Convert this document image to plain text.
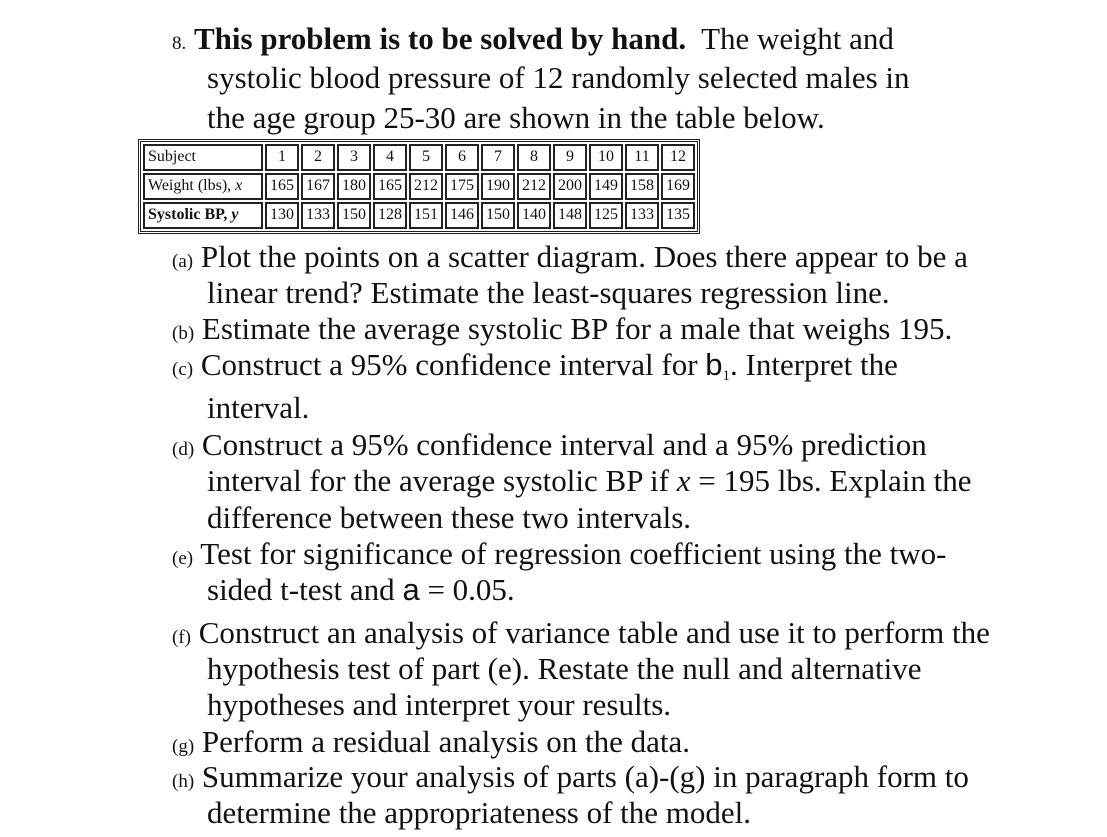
8. This problem is to be solved by hand. The weight and
systolic blood pressure of 12 randomly selected males in
the age group 25-30 are shown in the table below.
Subject	1	2	3	4	5	6	7	8	9	10	11	12
Weight (lbs), x	165	167	180	165	212	175	190	212	200	149	158	169
Systolic BP, y	130	133	150	128	151	146	150	140	148	125	133	135
(a) Plot the points on a scatter diagram. Does there appear to be a
linear trend? Estimate the least-squares regression line.
(b) Estimate the average systolic BP for a male that weighs 195.
(c) Construct a 95% confidence interval for $b_1$. Interpret the
interval.
(d) Construct a 95% confidence interval and a 95% prediction
interval for the average systolic BP if x = 195 lbs. Explain the
difference between these two intervals.
(e) Test for significance of regression coefficient using the two-
sided t-test and a = 0.05.
(f) Construct an analysis of variance table and use it to perform the
hypothesis test of part (e). Restate the null and alternative
hypotheses and interpret your results.
(g) Perform a residual analysis on the data.
(h) Summarize your analysis of parts (a)-(g) in paragraph form to
determine the appropriateness of the model.
